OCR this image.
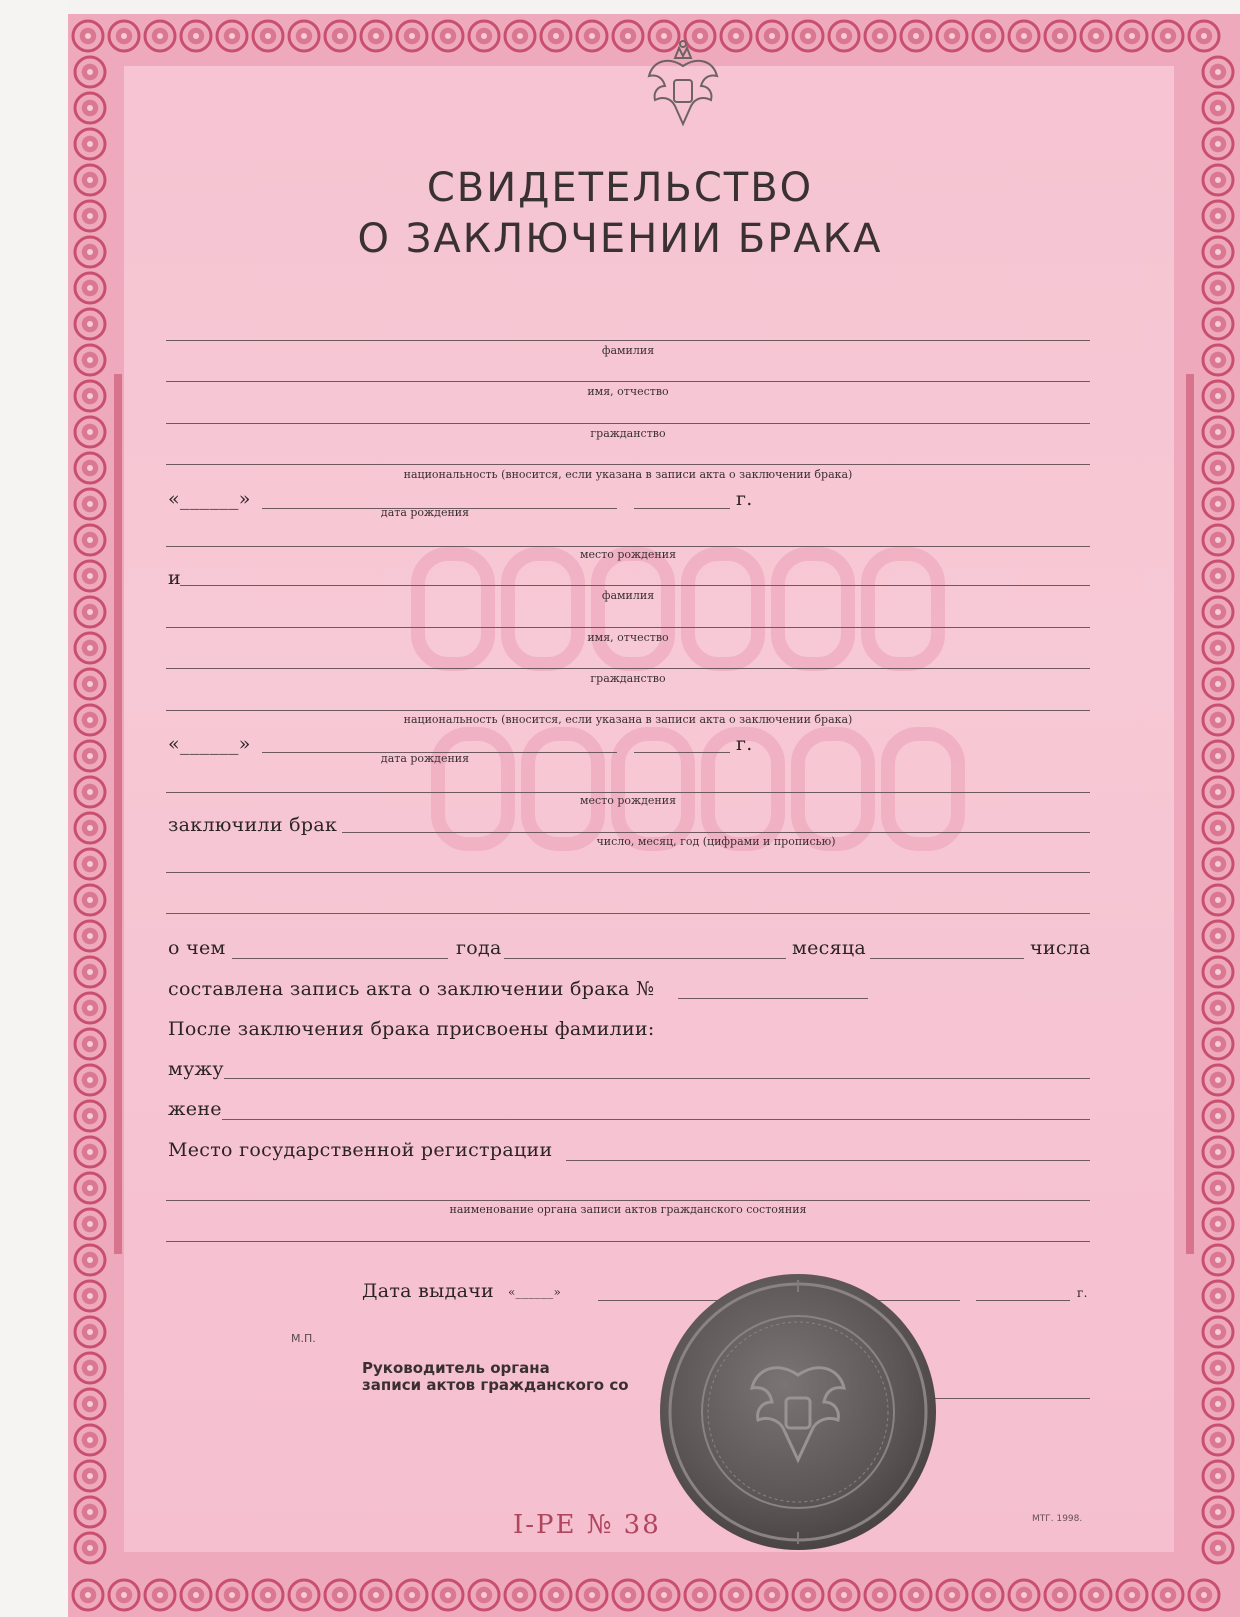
СВИДЕТЕЛЬСТВО
О ЗАКЛЮЧЕНИИ БРАКА
фамилия
имя, отчество
гражданство
национальность (вносится, если указана в записи акта о заключении брака)
«______»	г.
дата рождения
место рождения
и
фамилия
имя, отчество
гражданство
национальность (вносится, если указана в записи акта о заключении брака)
«______»	г.
дата рождения
место рождения
заключили брак
число, месяц, год (цифрами и прописью)
о чем	года	месяца	числа
составлена запись акта о заключении брака №
После заключения брака присвоены фамилии:
мужу
жене
Место государственной регистрации
наименование органа записи актов гражданского состояния
Дата выдачи «______»	г.
М.П.
Руководитель органа
записи актов гражданского со
I-PE № 38	МТГ. 1998.
